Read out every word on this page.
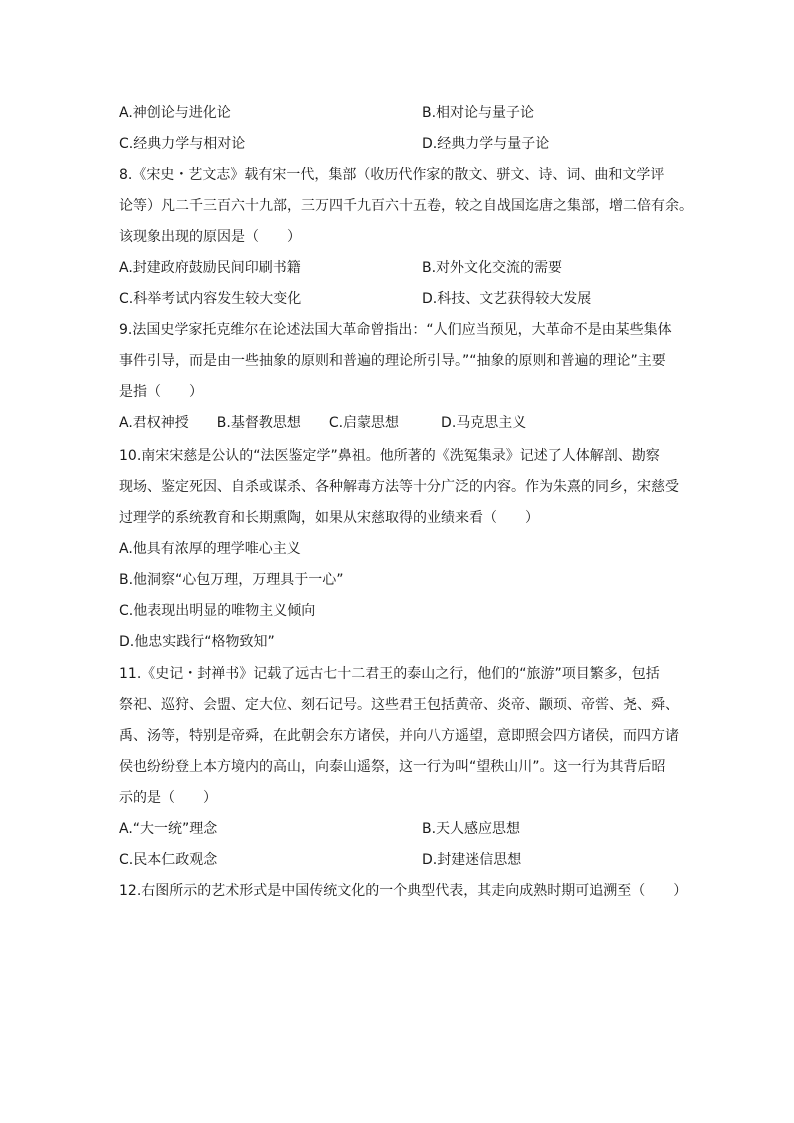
A.神创论与进化论	B.相对论与量子论
C.经典力学与相对论	D.经典力学与量子论
8.《宋史・艺文志》载有宋一代，集部（收历代作家的散文、骈文、诗、词、曲和文学评
论等）凡二千三百六十九部，三万四千九百六十五卷，较之自战国迄唐之集部，增二倍有余。
该现象出现的原因是（　　）
A.封建政府鼓励民间印刷书籍	B.对外文化交流的需要
C.科举考试内容发生较大变化	D.科技、文艺获得较大发展
9.法国史学家托克维尔在论述法国大革命曾指出：“人们应当预见，大革命不是由某些集体
事件引导，而是由一些抽象的原则和普遍的理论所引导。”“抽象的原则和普遍的理论”主要
是指（　　）
A.君权神授　　B.基督教思想　　C.启蒙思想　　　D.马克思主义
10.南宋宋慈是公认的“法医鉴定学”鼻祖。他所著的《洗冤集录》记述了人体解剖、勘察
现场、鉴定死因、自杀或谋杀、各种解毒方法等十分广泛的内容。作为朱熹的同乡，宋慈受
过理学的系统教育和长期熏陶，如果从宋慈取得的业绩来看（　　）
A.他具有浓厚的理学唯心主义
B.他洞察“心包万理，万理具于一心”
C.他表现出明显的唯物主义倾向
D.他忠实践行“格物致知”
11.《史记・封禅书》记载了远古七十二君王的泰山之行，他们的“旅游”项目繁多，包括
祭祀、巡狩、会盟、定大位、刻石记号。这些君王包括黄帝、炎帝、颛顼、帝喾、尧、舜、
禹、汤等，特别是帝舜，在此朝会东方诸侯，并向八方遥望，意即照会四方诸侯，而四方诸
侯也纷纷登上本方境内的高山，向泰山遥祭，这一行为叫“望秩山川”。这一行为其背后昭
示的是（　　）
A.“大一统”理念	B.天人感应思想
C.民本仁政观念	D.封建迷信思想
12.右图所示的艺术形式是中国传统文化的一个典型代表，其走向成熟时期可追溯至（　　）
